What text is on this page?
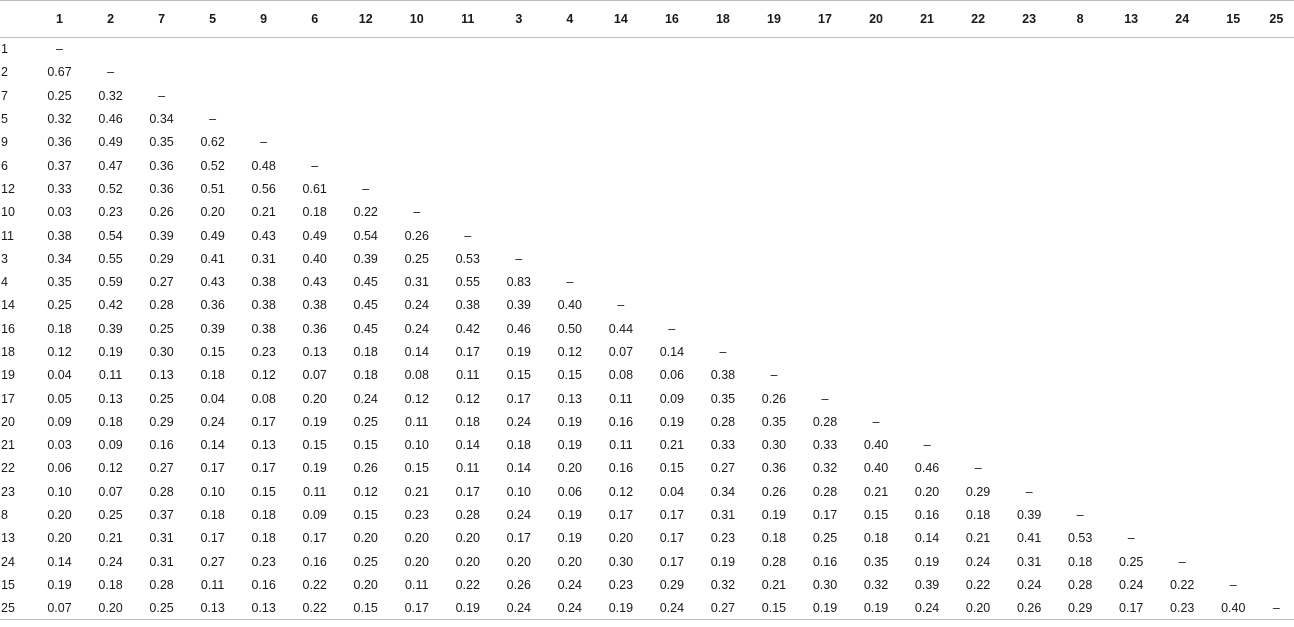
	1	2	7	5	9	6	12	10	11	3	4	14	16	18	19	17	20	21	22	23	8	13	24	15	25
1	–																								
2	0.67	–																							
7	0.25	0.32	–																						
5	0.32	0.46	0.34	–																					
9	0.36	0.49	0.35	0.62	–																				
6	0.37	0.47	0.36	0.52	0.48	–																			
12	0.33	0.52	0.36	0.51	0.56	0.61	–																		
10	0.03	0.23	0.26	0.20	0.21	0.18	0.22	–																	
11	0.38	0.54	0.39	0.49	0.43	0.49	0.54	0.26	–																
3	0.34	0.55	0.29	0.41	0.31	0.40	0.39	0.25	0.53	–															
4	0.35	0.59	0.27	0.43	0.38	0.43	0.45	0.31	0.55	0.83	–														
14	0.25	0.42	0.28	0.36	0.38	0.38	0.45	0.24	0.38	0.39	0.40	–													
16	0.18	0.39	0.25	0.39	0.38	0.36	0.45	0.24	0.42	0.46	0.50	0.44	–												
18	0.12	0.19	0.30	0.15	0.23	0.13	0.18	0.14	0.17	0.19	0.12	0.07	0.14	–											
19	0.04	0.11	0.13	0.18	0.12	0.07	0.18	0.08	0.11	0.15	0.15	0.08	0.06	0.38	–										
17	0.05	0.13	0.25	0.04	0.08	0.20	0.24	0.12	0.12	0.17	0.13	0.11	0.09	0.35	0.26	–									
20	0.09	0.18	0.29	0.24	0.17	0.19	0.25	0.11	0.18	0.24	0.19	0.16	0.19	0.28	0.35	0.28	–								
21	0.03	0.09	0.16	0.14	0.13	0.15	0.15	0.10	0.14	0.18	0.19	0.11	0.21	0.33	0.30	0.33	0.40	–							
22	0.06	0.12	0.27	0.17	0.17	0.19	0.26	0.15	0.11	0.14	0.20	0.16	0.15	0.27	0.36	0.32	0.40	0.46	–						
23	0.10	0.07	0.28	0.10	0.15	0.11	0.12	0.21	0.17	0.10	0.06	0.12	0.04	0.34	0.26	0.28	0.21	0.20	0.29	–					
8	0.20	0.25	0.37	0.18	0.18	0.09	0.15	0.23	0.28	0.24	0.19	0.17	0.17	0.31	0.19	0.17	0.15	0.16	0.18	0.39	–				
13	0.20	0.21	0.31	0.17	0.18	0.17	0.20	0.20	0.20	0.17	0.19	0.20	0.17	0.23	0.18	0.25	0.18	0.14	0.21	0.41	0.53	–			
24	0.14	0.24	0.31	0.27	0.23	0.16	0.25	0.20	0.20	0.20	0.20	0.30	0.17	0.19	0.28	0.16	0.35	0.19	0.24	0.31	0.18	0.25	–		
15	0.19	0.18	0.28	0.11	0.16	0.22	0.20	0.11	0.22	0.26	0.24	0.23	0.29	0.32	0.21	0.30	0.32	0.39	0.22	0.24	0.28	0.24	0.22	–	
25	0.07	0.20	0.25	0.13	0.13	0.22	0.15	0.17	0.19	0.24	0.24	0.19	0.24	0.27	0.15	0.19	0.19	0.24	0.20	0.26	0.29	0.17	0.23	0.40	–
